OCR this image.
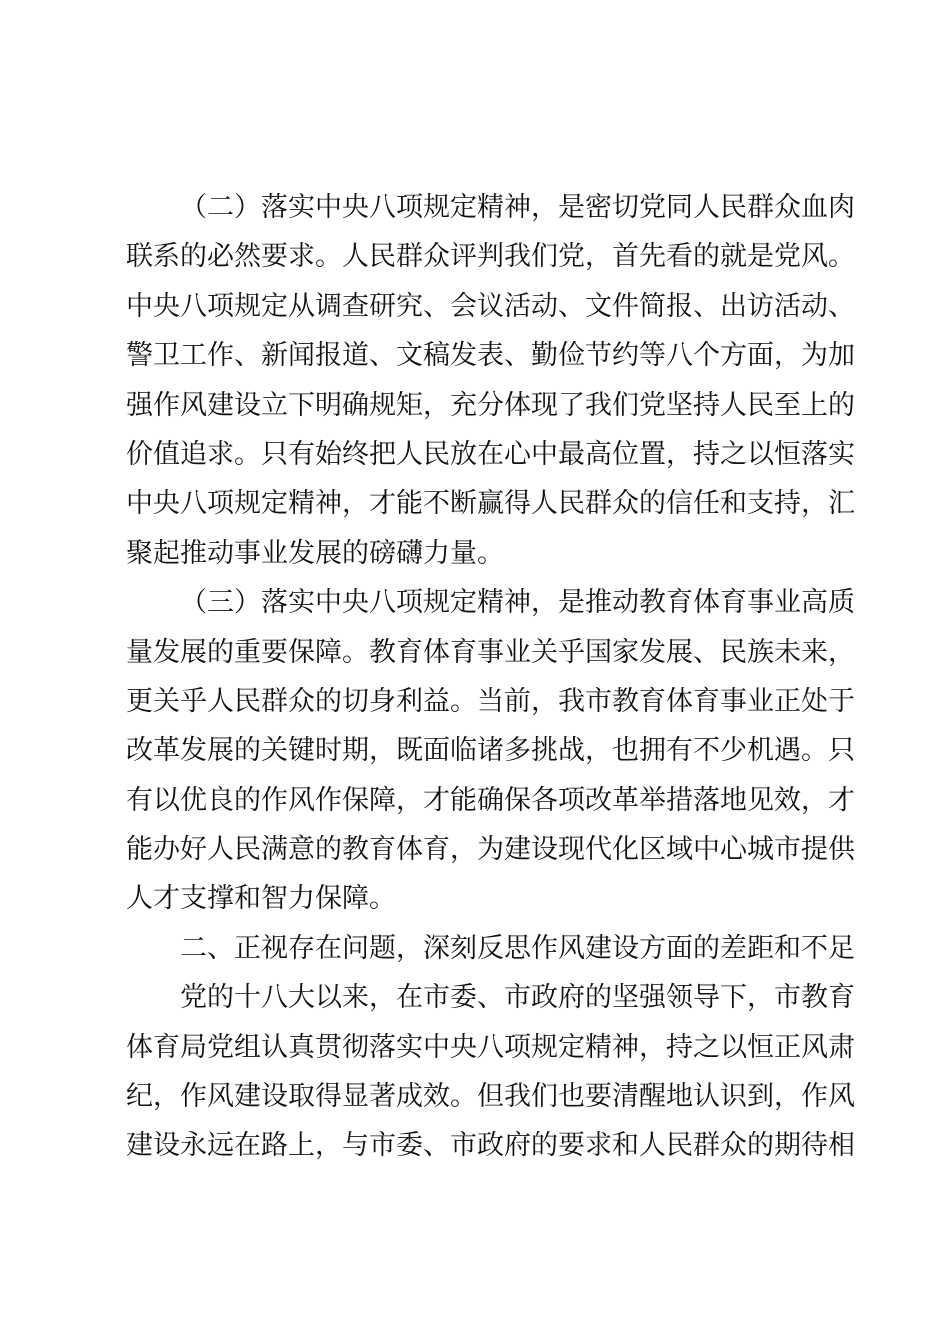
（二）落实中央八项规定精神，是密切党同人民群众血肉
联系的必然要求。人民群众评判我们党，首先看的就是党风。
中央八项规定从调查研究、会议活动、文件简报、出访活动、
警卫工作、新闻报道、文稿发表、勤俭节约等八个方面，为加
强作风建设立下明确规矩，充分体现了我们党坚持人民至上的
价值追求。只有始终把人民放在心中最高位置，持之以恒落实
中央八项规定精神，才能不断赢得人民群众的信任和支持，汇
聚起推动事业发展的磅礴力量。
（三）落实中央八项规定精神，是推动教育体育事业高质
量发展的重要保障。教育体育事业关乎国家发展、民族未来，
更关乎人民群众的切身利益。当前，我市教育体育事业正处于
改革发展的关键时期，既面临诸多挑战，也拥有不少机遇。只
有以优良的作风作保障，才能确保各项改革举措落地见效，才
能办好人民满意的教育体育，为建设现代化区域中心城市提供
人才支撑和智力保障。
二、正视存在问题，深刻反思作风建设方面的差距和不足
党的十八大以来，在市委、市政府的坚强领导下，市教育
体育局党组认真贯彻落实中央八项规定精神，持之以恒正风肃
纪，作风建设取得显著成效。但我们也要清醒地认识到，作风
建设永远在路上，与市委、市政府的要求和人民群众的期待相
